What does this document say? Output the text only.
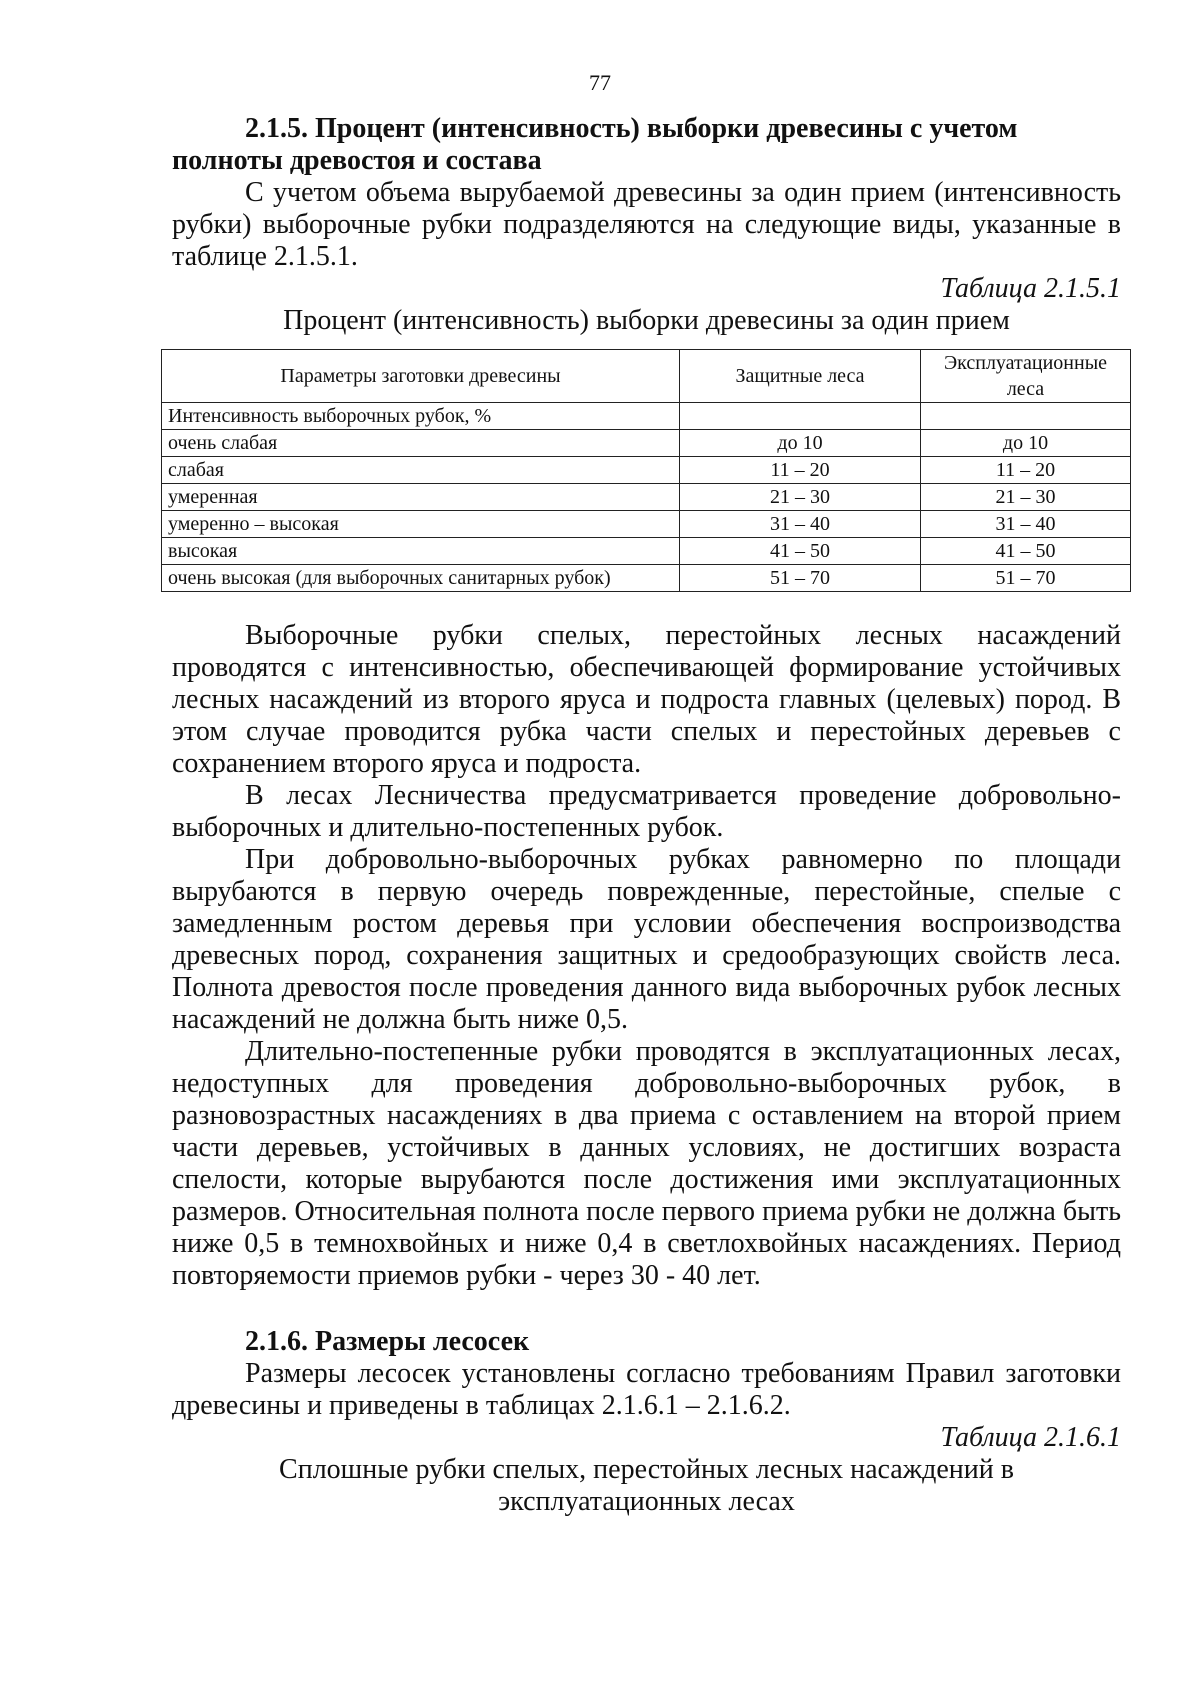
77

2.1.5. Процент (интенсивность) выборки древесины с учетом
полноты древостоя и состава

С учетом объема вырубаемой древесины за один прием (интенсивность рубки) выборочные рубки подразделяются на следующие виды, указанные в таблице 2.1.5.1.

Таблица 2.1.5.1

Процент (интенсивность) выборки древесины за один прием

Параметры заготовки древесины	Защитные леса	Эксплуатационные леса
Интенсивность выборочных рубок, %		
очень слабая	до 10	до 10
слабая	11 – 20	11 – 20
умеренная	21 – 30	21 – 30
умеренно – высокая	31 – 40	31 – 40
высокая	41 – 50	41 – 50
очень высокая (для выборочных санитарных рубок)	51 – 70	51 – 70

Выборочные рубки спелых, перестойных лесных насаждений проводятся с интенсивностью, обеспечивающей формирование устойчивых лесных насаждений из второго яруса и подроста главных (целевых) пород. В этом случае проводится рубка части спелых и перестойных деревьев с сохранением второго яруса и подроста.

В лесах Лесничества предусматривается проведение добровольно-выборочных и длительно-постепенных рубок.

При добровольно-выборочных рубках равномерно по площади вырубаются в первую очередь поврежденные, перестойные, спелые с замедленным ростом деревья при условии обеспечения воспроизводства древесных пород, сохранения защитных и средообразующих свойств леса. Полнота древостоя после проведения данного вида выборочных рубок лесных насаждений не должна быть ниже 0,5.

Длительно-постепенные рубки проводятся в эксплуатационных лесах, недоступных для проведения добровольно-выборочных рубок, в разновозрастных насаждениях в два приема с оставлением на второй прием части деревьев, устойчивых в данных условиях, не достигших возраста спелости, которые вырубаются после достижения ими эксплуатационных размеров. Относительная полнота после первого приема рубки не должна быть ниже 0,5 в темнохвойных и ниже 0,4 в светлохвойных насаждениях. Период повторяемости приемов рубки - через 30 - 40 лет.

2.1.6. Размеры лесосек

Размеры лесосек установлены согласно требованиям Правил заготовки древесины и приведены в таблицах 2.1.6.1 – 2.1.6.2.

Таблица 2.1.6.1

Сплошные рубки спелых, перестойных лесных насаждений в
эксплуатационных лесах
